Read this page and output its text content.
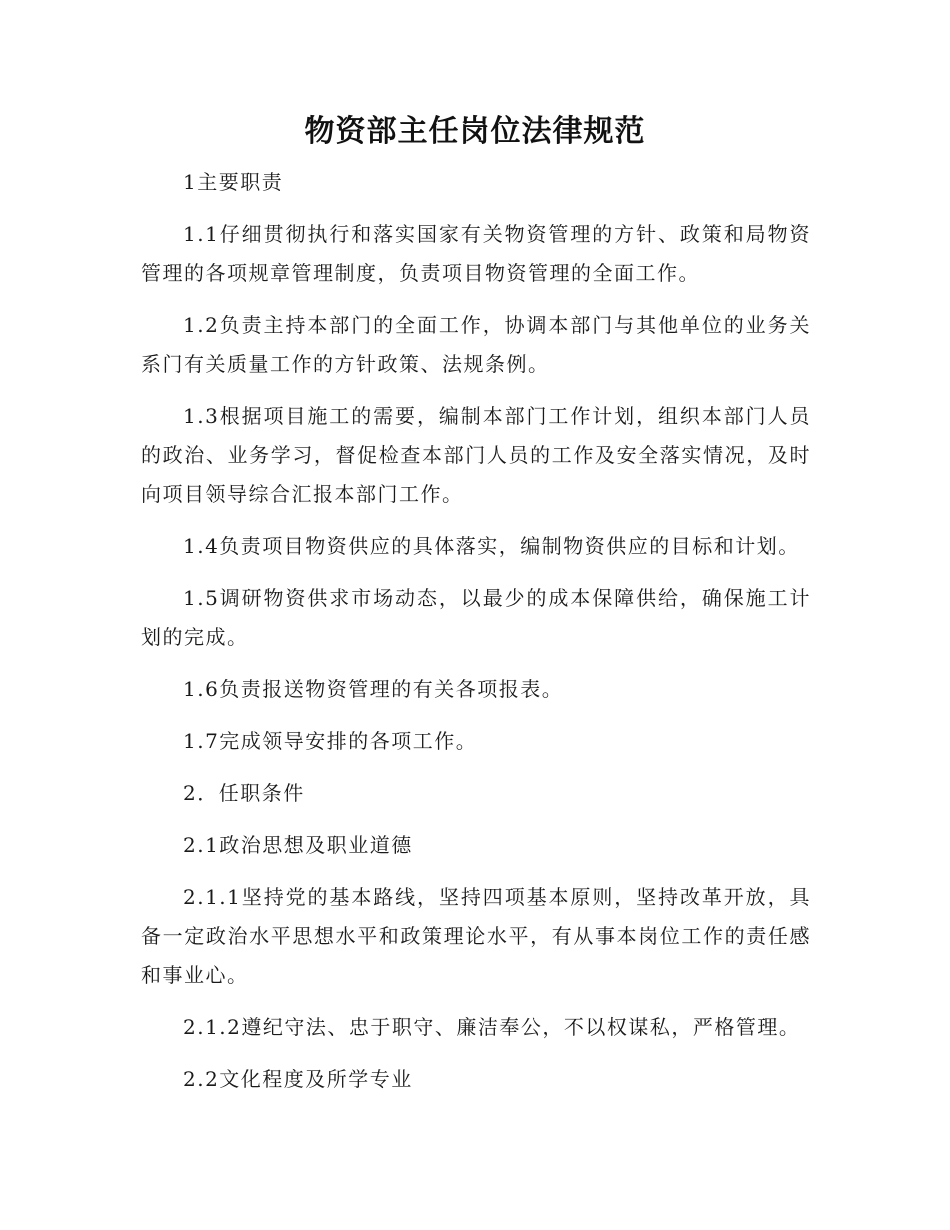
物资部主任岗位法律规范

1主要职责

1.1仔细贯彻执行和落实国家有关物资管理的方针、政策和局物资管理的各项规章管理制度，负责项目物资管理的全面工作。

1.2负责主持本部门的全面工作，协调本部门与其他单位的业务关系门有关质量工作的方针政策、法规条例。

1.3根据项目施工的需要，编制本部门工作计划，组织本部门人员的政治、业务学习，督促检查本部门人员的工作及安全落实情况，及时向项目领导综合汇报本部门工作。

1.4负责项目物资供应的具体落实，编制物资供应的目标和计划。

1.5调研物资供求市场动态，以最少的成本保障供给，确保施工计划的完成。

1.6负责报送物资管理的有关各项报表。

1.7完成领导安排的各项工作。

2．任职条件

2.1政治思想及职业道德

2.1.1坚持党的基本路线，坚持四项基本原则，坚持改革开放，具备一定政治水平思想水平和政策理论水平，有从事本岗位工作的责任感和事业心。

2.1.2遵纪守法、忠于职守、廉洁奉公，不以权谋私，严格管理。

2.2文化程度及所学专业
